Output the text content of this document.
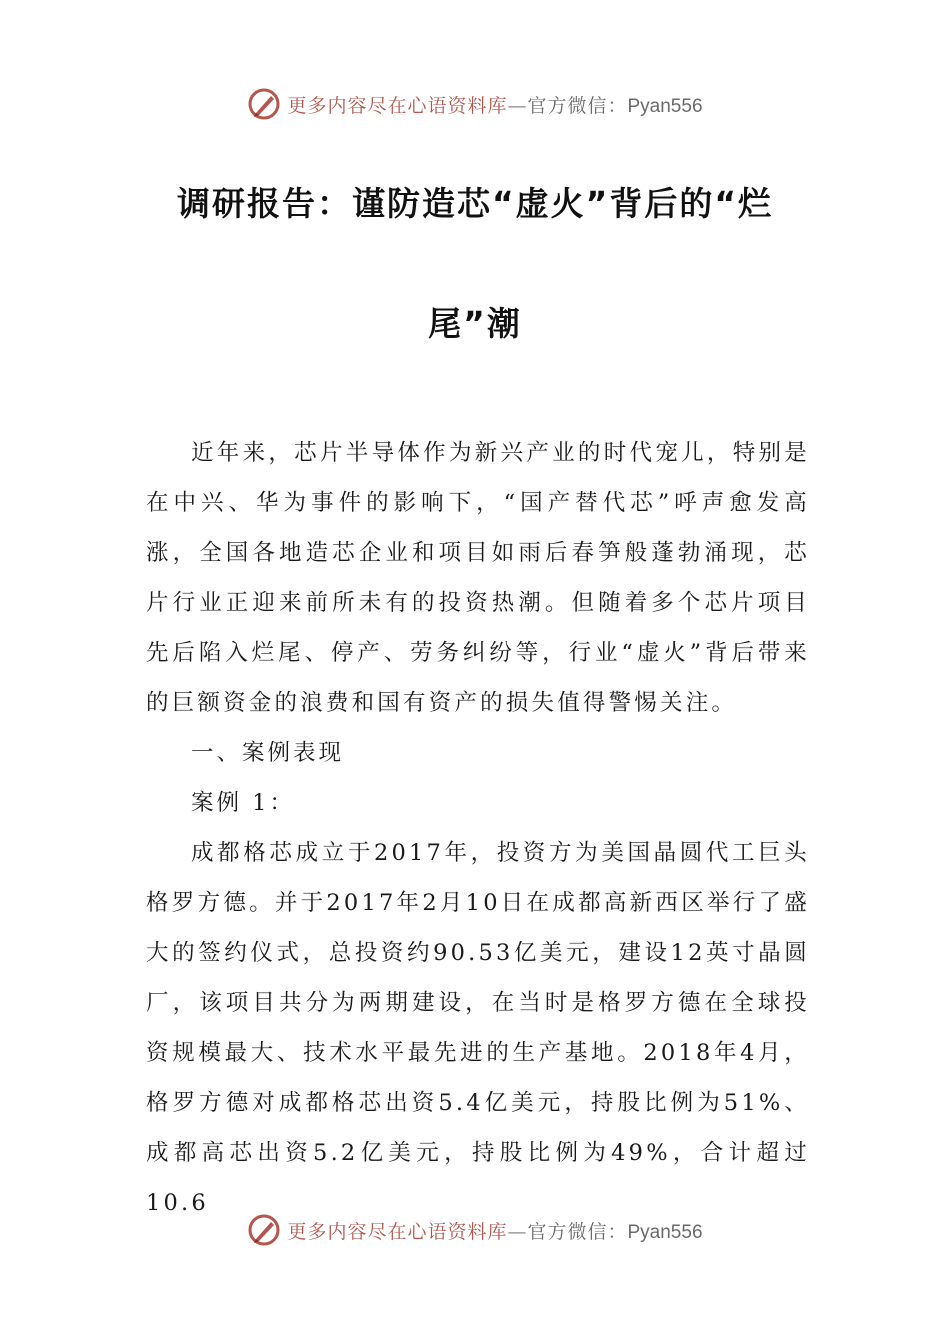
更多内容尽在心语资料库—官方微信：Pyan556
调研报告：谨防造芯“虚火”背后的“烂
尾”潮

近年来，芯片半导体作为新兴产业的时代宠儿，特别是在中兴、华为事件的影响下，“国产替代芯”呼声愈发高涨，全国各地造芯企业和项目如雨后春笋般蓬勃涌现，芯片行业正迎来前所未有的投资热潮。但随着多个芯片项目先后陷入烂尾、停产、劳务纠纷等，行业“虚火”背后带来的巨额资金的浪费和国有资产的损失值得警惕关注。

一、案例表现

案例 1：

成都格芯成立于2017年，投资方为美国晶圆代工巨头格罗方德。并于2017年2月10日在成都高新西区举行了盛大的签约仪式，总投资约90.53亿美元，建设12英寸晶圆厂，该项目共分为两期建设，在当时是格罗方德在全球投资规模最大、技术水平最先进的生产基地。2018年4月，格罗方德对成都格芯出资5.4亿美元，持股比例为51%、成都高芯出资5.2亿美元，持股比例为49%，合计超过10.6

更多内容尽在心语资料库—官方微信：Pyan556
